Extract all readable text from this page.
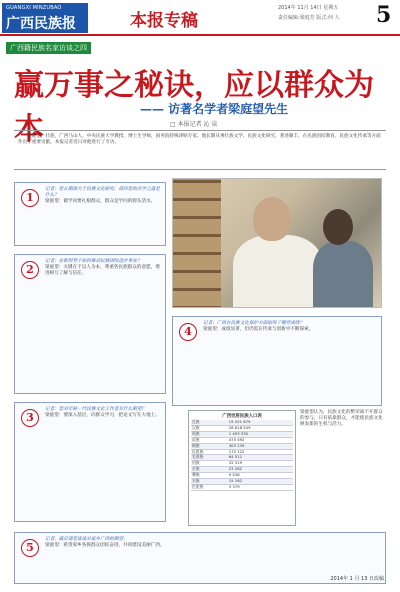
GUANGXI MINZUBAO
广西民族报	本报专稿
2014年 11月 14日 星期五
责任编辑:梁庭芳 版式:何 人 5
广西籍民族名家访谈之四
赢万事之秘诀，应以群众为本
—— 访著名学者梁庭望先生
□ 本报记者 沁 泉

梁庭望，壮族，广西马山人，中央民族大学教授、博士生导师，国务院特殊津贴专家。他长期从事壮族文学、民族文化研究，著述颇丰，在民族团结教育、民族文化传承等方面作出了重要贡献。本报记者近日对他进行了专访。

1

记者：您长期致力于民族文化研究，请问您的治学之道是什么？

梁庭望：做学问要扎根群众，群众是学问的源头活水。

2

记者：在新形势下如何推动民族团结进步事业？

梁庭望：关键在于以人为本，尊重各民族群众的意愿，增进相互了解与信任。

4

记者：广西在民族文化保护方面取得了哪些成绩？

梁庭望：成绩显著，但仍需在传承与创新中不断探索。

3

记者：您对年轻一代民族文化工作者有什么期望？

梁庭望：要深入基层，向群众学习，把论文写在大地上。	广西世居民族人口表
壮族	15 521 879
汉族	28 618 549
瑶族	1 493 530
苗族	475 492
侗族	303 139
仫佬族	172 122
毛南族	64 512
回族	32 319
京族	23 262
彝族	9 538
水族	15 162
仡佬族	3 379

梁庭望认为，民族文化的繁荣离不开群众的参与，只有依靠群众，才能使民族文化焕发新的生机与活力。

5

记者：最后请您谈谈对家乡广西的期望。

梁庭望：希望家乡各族群众团结奋进，共同建设美丽广西。

2014年 1 月 13 日改稿
